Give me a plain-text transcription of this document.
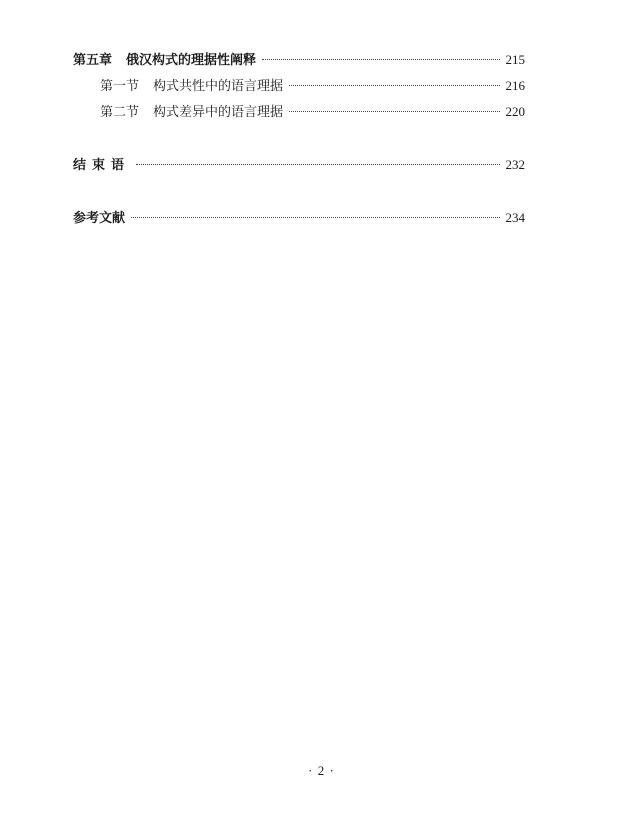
第五章 俄汉构式的理据性阐释	215
第一节 构式共性中的语言理据	216
第二节 构式差异中的语言理据	220
结束语	232
参考文献	234
· 2 ·
